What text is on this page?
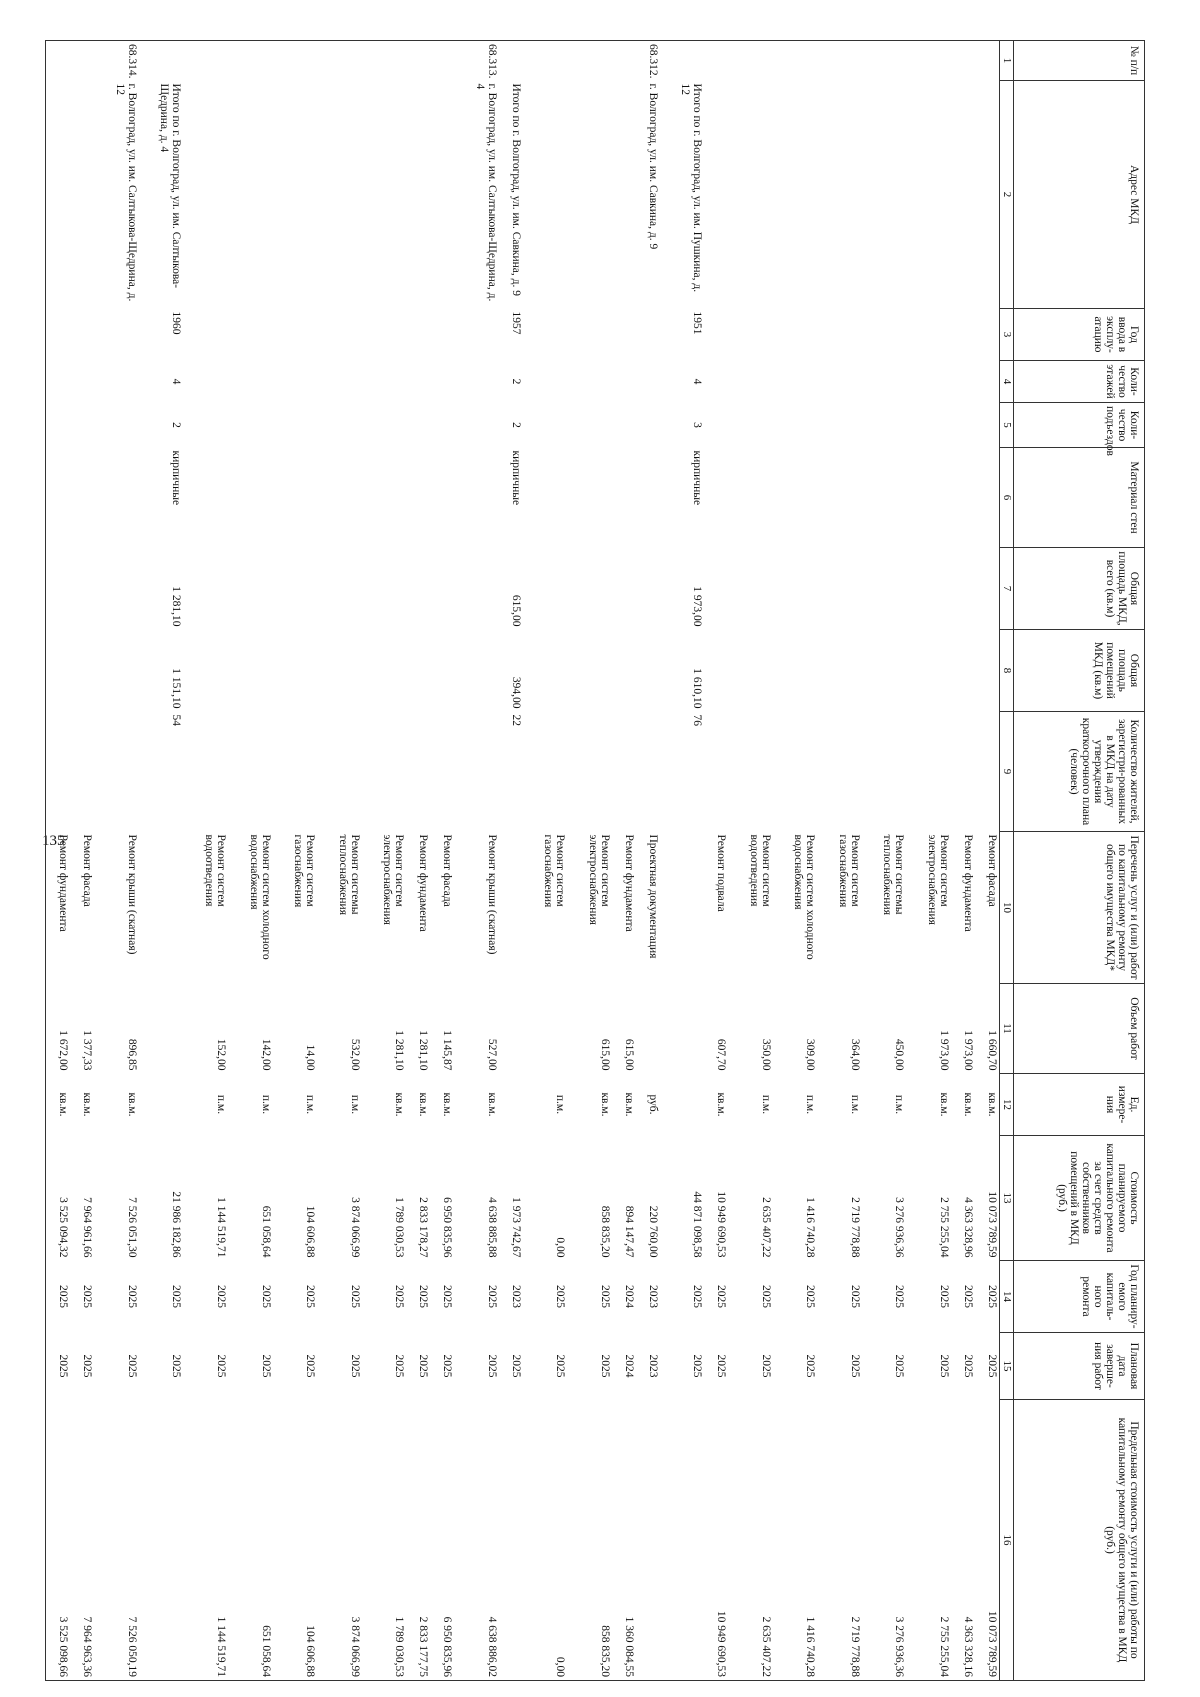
135
№ п/п	Адрес МКД	Год ввода в эксплу-атацию	Коли-чество этажей	Коли-чество подъездов	Материал стен	Общая площадь МКД, всего (кв.м)	Общая площадь помещений МКД (кв.м)	Количество жителей, зарегистри-рованных в МКД на дату утверждения краткосрочного плана (человек)	Перечень услуг и (или) работ по капитальному ремонту общего имущества МКД*	Объем работ	Ед. измере-ния	Стоимость планируемого капитального ремонта за счет средств собственников помещений в МКД (руб.)	Год планиру-емого капиталь-ного ремонта	Плановая дата заверше-ния работ	Предельная стоимость услуги и (или) работы по капитальному ремонту общего имущества в МКД (руб.)
1	2	3	4	5	6	7	8	9	10	11	12	13	14	15	16
									Ремонт фасада	1 660,70	кв.м.	10 073 789,59	2025	2025	10 073 789,59
									Ремонт фундамента	1 973,00	кв.м.	4 363 328,96	2025	2025	4 363 328,16
									Ремонт систем электроснабжения	1 973,00	кв.м.	2 755 255,04	2025	2025	2 755 255,04
									Ремонт системы теплоснабжения	450,00	п.м.	3 276 936,36	2025	2025	3 276 936,36
									Ремонт систем газоснабжения	364,00	п.м.	2 719 778,88	2025	2025	2 719 778,88
									Ремонт систем холодного водоснабжения	309,00	п.м.	1 416 740,28	2025	2025	1 416 740,28
									Ремонт систем водоотведения	350,00	п.м.	2 635 407,22	2025	2025	2 635 407,22
									Ремонт подвала	607,70	кв.м.	10 949 690,53	2025	2025	10 949 690,53
	Итого по г. Волгоград, ул. им. Пушкина, д. 12	1951	4	3	кирпичные	1 973,00	1 610,10	76				44 871 098,58	2025	2025	
68.312.	г. Волгоград, ул. им. Савкина, д. 9								Проектная документация		руб.	220 760,00	2023	2023	
									Ремонт фундамента	615,00	кв.м.	894 147,47	2024	2024	1 360 084,55
									Ремонт систем электроснабжения	615,00	кв.м.	858 835,20	2025	2025	858 835,20
									Ремонт систем газоснабжения		п.м.	0,00	2025	2025	0,00
	Итого по г. Волгоград, ул. им. Савкина, д. 9	1957	2	2	кирпичные	615,00	394,00	22				1 973 742,67	2023	2025	
68.313.	г. Волгоград, ул. им. Салтыкова-Щедрина, д. 4								Ремонт крыши (скатная)	527,00	кв.м.	4 638 885,88	2025	2025	4 638 886,02
									Ремонт фасада	1 145,87	кв.м.	6 950 835,96	2025	2025	6 950 835,96
									Ремонт фундамента	1 281,10	кв.м.	2 833 178,27	2025	2025	2 833 177,75
									Ремонт систем электроснабжения	1 281,10	кв.м.	1 789 030,53	2025	2025	1 789 030,53
									Ремонт системы теплоснабжения	532,00	п.м.	3 874 066,99	2025	2025	3 874 066,99
									Ремонт систем газоснабжения	14,00	п.м.	104 606,88	2025	2025	104 606,88
									Ремонт систем холодного водоснабжения	142,00	п.м.	651 058,64	2025	2025	651 058,64
									Ремонт систем водоотведения	152,00	п.м.	1 144 519,71	2025	2025	1 144 519,71
	Итого по г. Волгоград, ул. им. Салтыкова-Щедрина, д. 4	1960	4	2	кирпичные	1 281,10	1 151,10	54				21 986 182,86	2025	2025	
68.314.	г. Волгоград, ул. им. Салтыкова-Щедрина, д. 12								Ремонт крыши (скатная)	896,85	кв.м.	7 526 051,30	2025	2025	7 526 050,19
									Ремонт фасада	1 377,33	кв.м.	7 964 961,66	2025	2025	7 964 963,36
									Ремонт фундамента	1 672,00	кв.м.	3 525 094,32	2025	2025	3 525 098,66
